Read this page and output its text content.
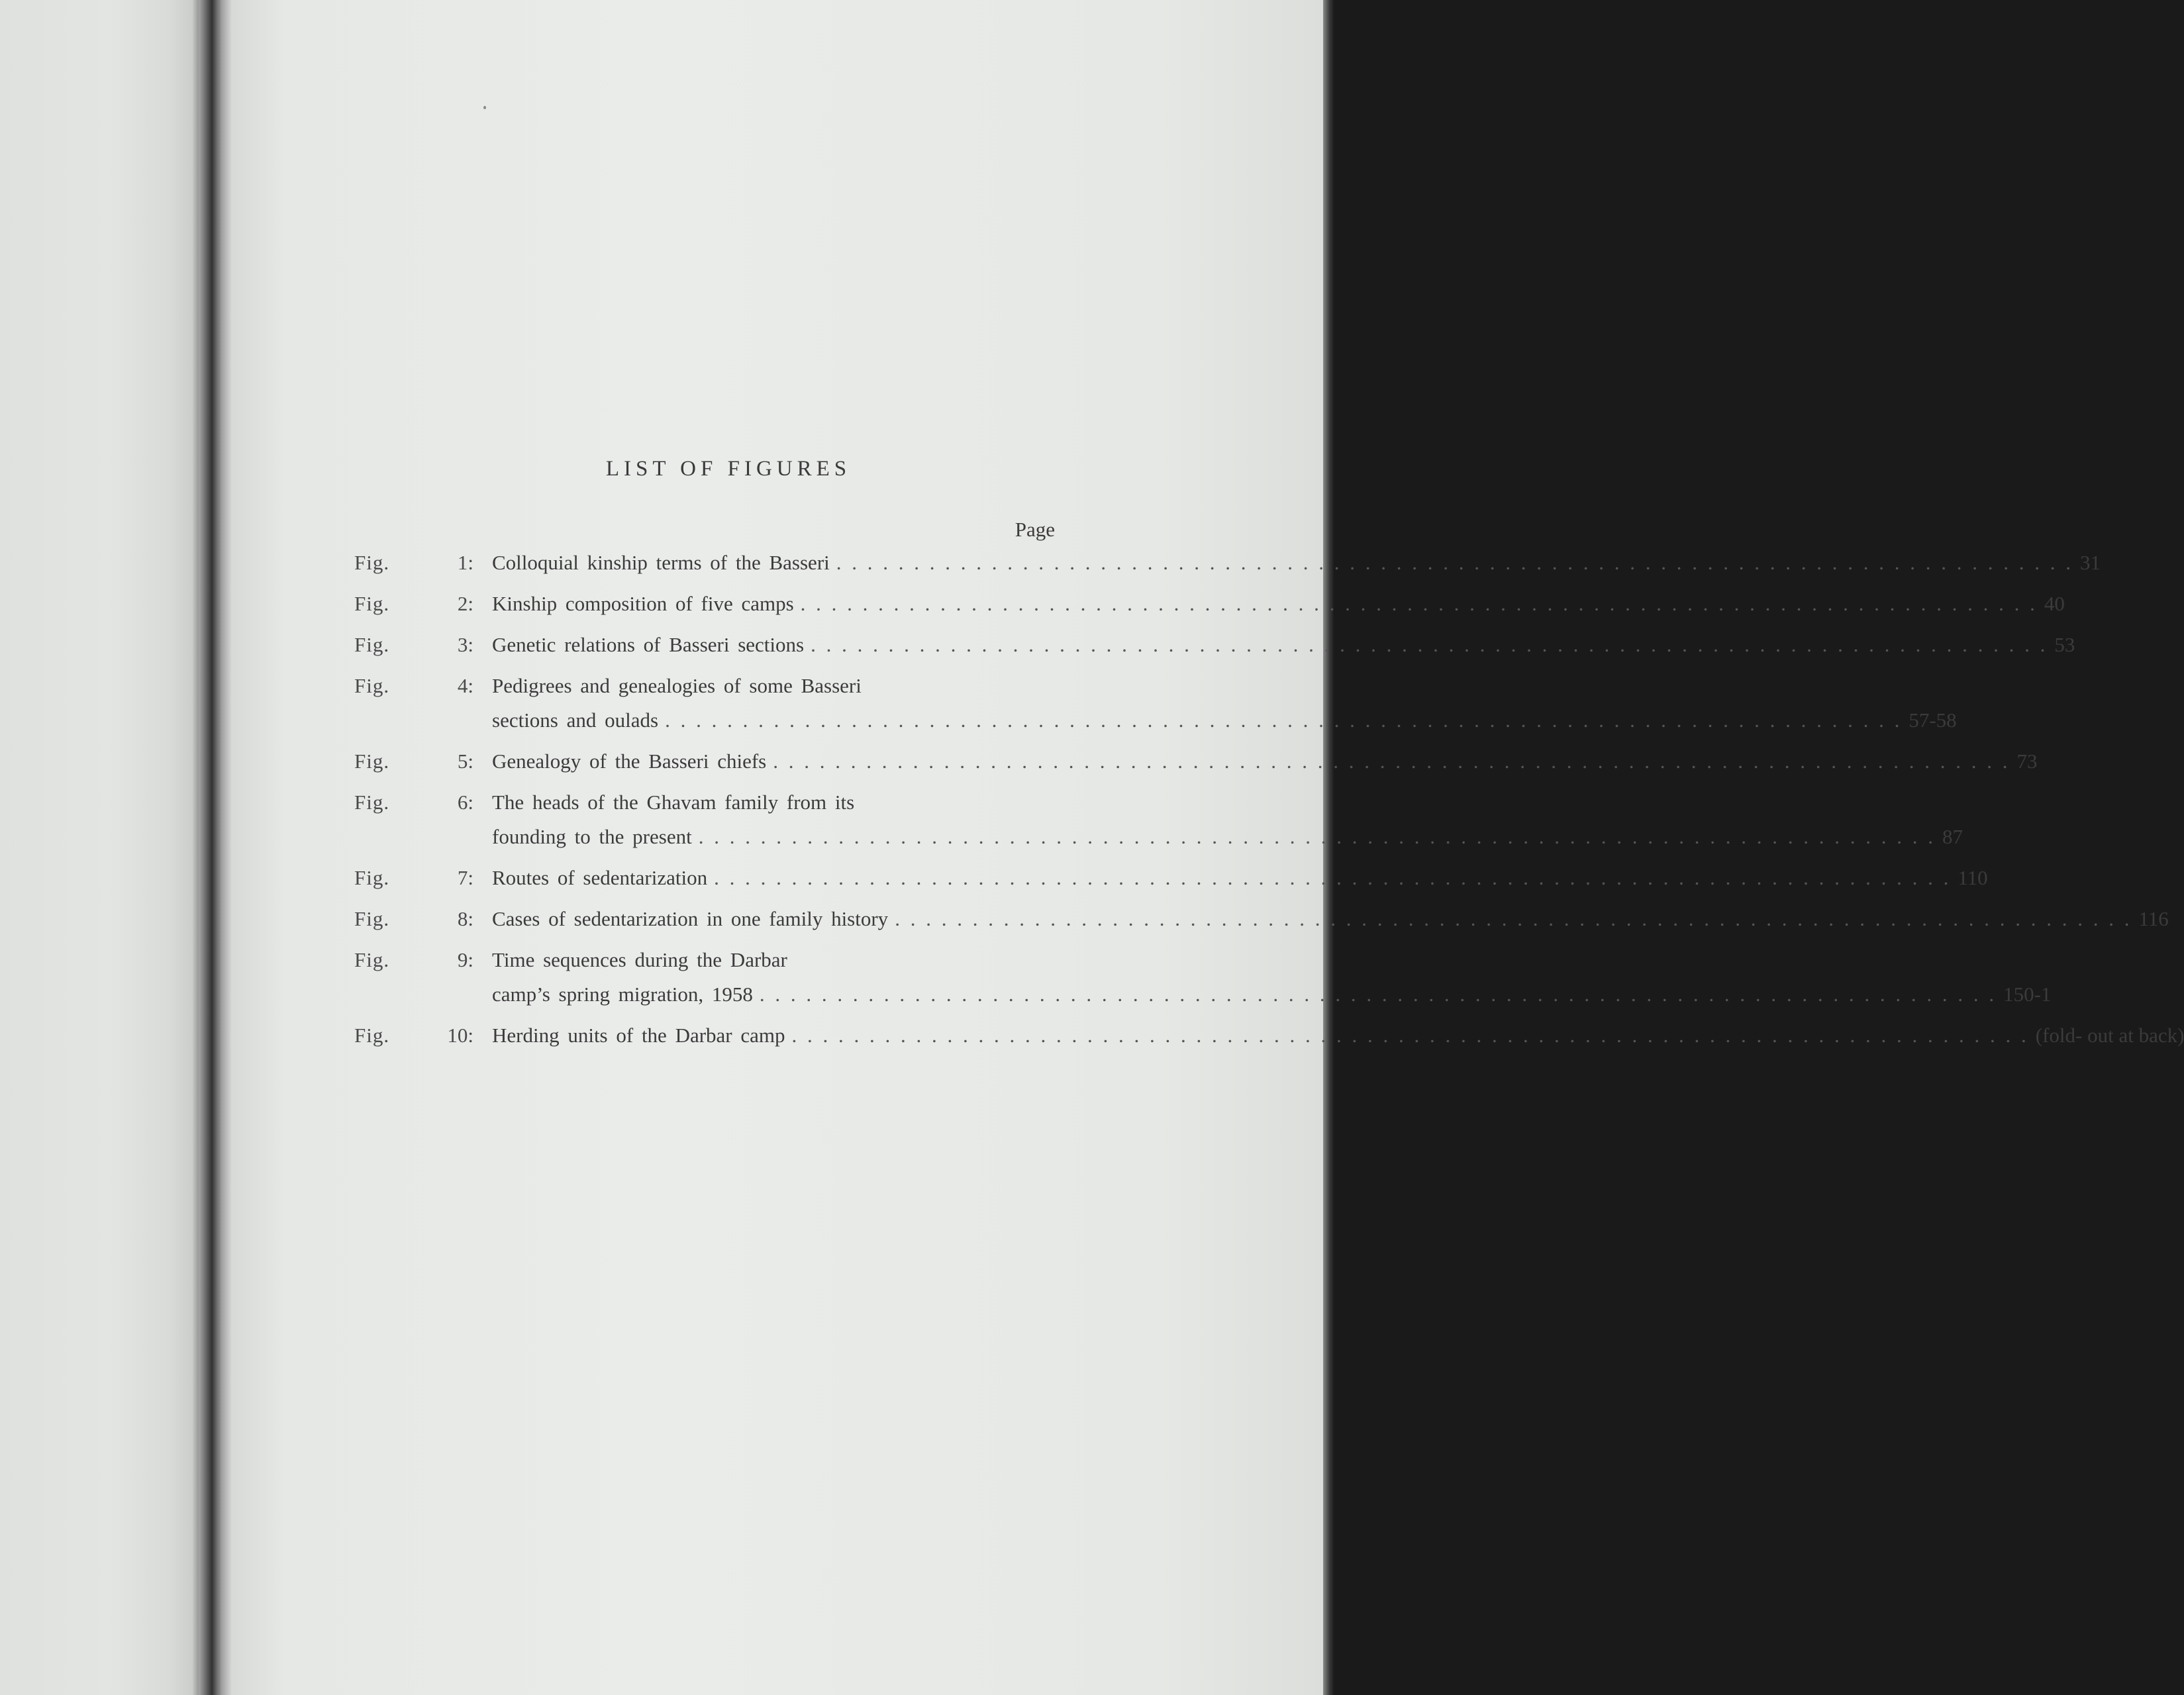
LIST OF FIGURES
Page
Fig.	1: Colloquial kinship terms of the Basseri . . .	31
Fig.	2: Kinship composition of five camps . . .	40
Fig.	3: Genetic relations of Basseri sections . . .	53
Fig.	4: Pedigrees and genealogies of some Basseri
sections and oulads . . .	57-58
Fig.	5: Genealogy of the Basseri chiefs . . .	73
Fig.	6: The heads of the Ghavam family from its
founding to the present . . .	87
Fig.	7: Routes of sedentarization . . .	110
Fig.	8: Cases of sedentarization in one family history . . .	116
Fig.	9: Time sequences during the Darbar
camp’s spring migration, 1958 . . .	150-1
Fig.	10: Herding units of the Darbar camp . . .	(fold- out at back)
